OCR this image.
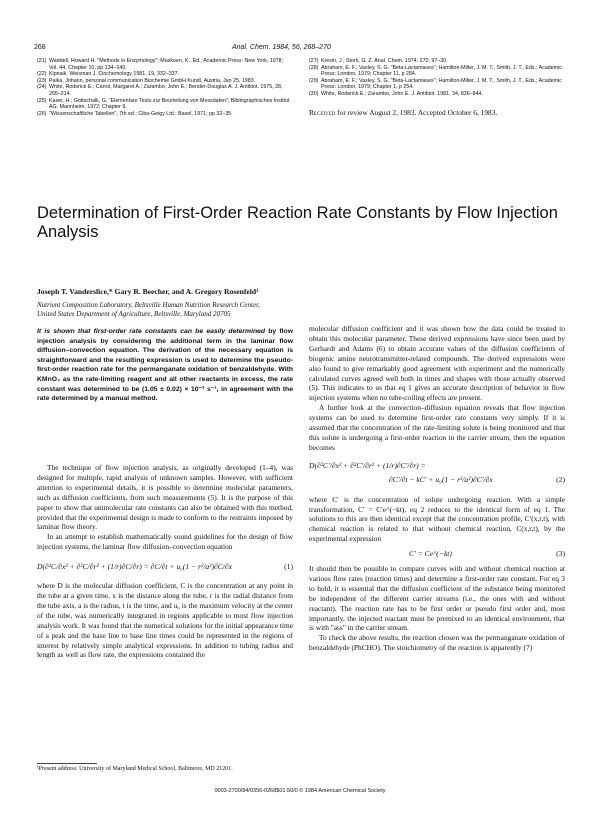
268	Anal. Chem. 1984, 56, 268–270
(21) Waddell, Howard H. "Methods in Enzymology"; Maskoen, K., Ed.; Academic Press: New York, 1978; Vol. 44, Chapter 10, pp 134–140.
(22) Kipnaik, Weisman J. Cinchemology 1981, 19, 332–337.
(23) Palka, Johann, personal communication Biochemie GmbH Kundl, Austria, Jan 25, 1983.
(24) White, Roderick E.; Carrol, Margaret A.; Zarambo, John E.; Bender-Douglas A. J. Antibiot. 1975, 28, 205–214.
(25) Kaser, H.; Gottschalk, G. "Elementare Tests zur Beurteilung von Messdaten"; Bibliographisches Institut AG: Mannheim, 1972; Chapter 9.
(26) "Wissenschaftliche Tabellen", 7th ed.; Ciba-Geigy Ltd.: Basel, 1971; pp 32–35.
(27) Kresin, J.; Stork, G. Z. Anal. Chem. 1974, 270, 97–30.
(28) Abraham, E. F.; Vasley, S. G. "Beta-Lactamases"; Hamilton-Miller, J. M. T., Smith, J. T., Eds.; Academic Press: London, 1979; Chapter 11, p 284.
(29) Abraham, E. F.; Vasley, S. G. "Beta-Lactamases"; Hamilton-Miller, J. M. T., Smith, J. T., Eds.; Academic Press: London, 1979; Chapter 1, p 254.
(30) White, Roderick E.; Zarambo, John E. J. Antibiot. 1981, 34, 836–844.
Received for review August 2, 1983. Accepted October 6, 1983.
Determination of First-Order Reaction Rate Constants by Flow Injection Analysis
Joseph T. Vanderslice,* Gary R. Beecher, and A. Gregory Rosenfeld¹
Nutrient Composition Laboratory, Beltsville Human Nutrition Research Center,
United States Department of Agriculture, Beltsville, Maryland 20705
It is shown that first-order rate constants can be easily determined by flow injection analysis by considering the additional term in the laminar flow diffusion–convection equation. The derivation of the necessary equation is straightforward and the resulting expression is used to determine the pseudo-first-order reaction rate for the permanganate oxidation of benzaldehyde. With KMnO₄ as the rate-limiting reagent and all other reactants in excess, the rate constant was determined to be (1.05 ± 0.02) × 10⁻² s⁻¹, in agreement with the rate determined by a manual method.

The technique of flow injection analysis, as originally developed (1–4), was designed for multiple, rapid analysis of unknown samples. However, with sufficient attention to experimental details, it is possible to determine molecular parameters, such as diffusion coefficients, from such measurements (5). It is the purpose of this paper to show that unimolecular rate constants can also be obtained with this method, provided that the experimental design is made to conform to the restraints imposed by laminar flow theory.

In an attempt to establish mathematically sound guidelines for the design of flow injection systems, the laminar flow diffusion–convection equation

D(∂²C/∂x² + ∂²C/∂r² + (1/r)∂C/∂r) = ∂C/∂t + u₀(1 − r²/a²)∂C/∂x	(1)

where D is the molecular diffusion coefficient, C is the concentration at any point in the tube at a given time, x is the distance along the tube, r is the radial distance from the tube axis, a is the radius, t is the time, and u₀ is the maximum velocity at the center of the tube, was numerically integrated in regions applicable to most flow injection analysis work. It was found that the numerical solutions for the initial appearance time of a peak and the base line to base line times could be represented in the regions of interest by relatively simple analytical expressions. In addition to tubing radius and length as well as flow rate, the expressions contained the

¹Present address: University of Maryland Medical School, Baltimore, MD 21201.

molecular diffusion coefficient and it was shown how the data could be treated to obtain this molecular parameter. These derived expressions have since been used by Gerhardt and Adams (6) to obtain accurate values of the diffusion coefficients of biogenic amine neurotransmitter-related compounds. The derived expressions were also found to give remarkably good agreement with experiment and the numerically calculated curves agreed well both in times and shapes with those actually observed (5). This indicates to us that eq 1 gives an accurate description of behavior in flow injection systems when no tube-coiling effects are present.

A further look at the convection–diffusion equation reveals that flow injection systems can be used to determine first-order rate constants very simply. If it is assumed that the concentration of the rate-limiting solute is being monitored and that this solute is undergoing a first-order reaction in the carrier stream, then the equation becomes

D(∂²C′/∂x² + ∂²C′/∂r² + (1/r)∂C′/∂r) =
∂C′/∂t − kC′ + u₀(1 − r²/a²)∂C′/∂x	(2)

where C′ is the concentration of solute undergoing reaction. With a simple transformation, C′ = C′e^(−kt), eq 2 reduces to the identical form of eq 1. The solutions to this are then identical except that the concentration profile, C′(x,r,t), with chemical reaction is related to that without chemical reaction, C(x,r,t), by the experimental expression

C′ = Ce^(−kt)	(3)

It should then be possible to compare curves with and without chemical reaction at various flow rates (reaction times) and determine a first-order rate constant. For eq 3 to hold, it is essential that the diffusion coefficient of the substance being monitored be independent of the different carrier streams (i.e., the ones with and without reactant). The reaction rate has to be first order or pseudo first order and, most importantly, the injected reactant must be premixed to an identical environment, that is with "ass" in the carrier stream.

To check the above results, the reaction chosen was the permanganate oxidation of benzaldehyde (PhCHO). The stoichiometry of the reaction is apparently (7)

0003-2700/84/0356-0268$01.50/0 © 1984 American Chemical Society
